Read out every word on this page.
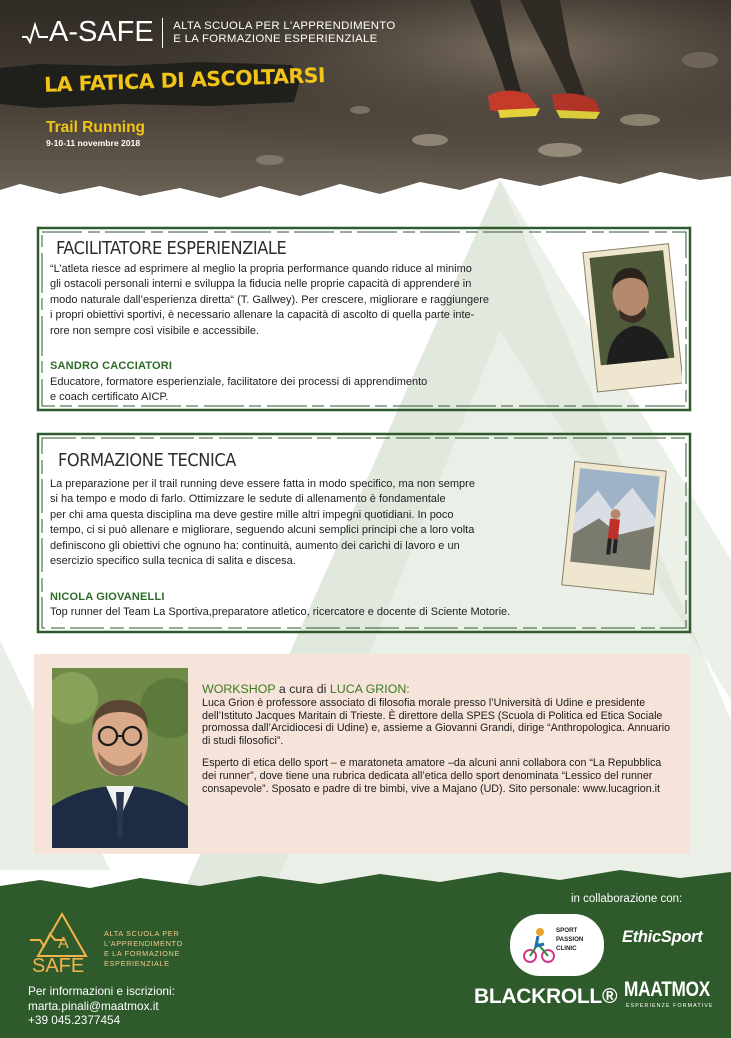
A-SAFE ALTA SCUOLA PER L'APPRENDIMENTO
E LA FORMAZIONE ESPERIENZIALE
LA FATICA DI ASCOLTARSI
Trail Running
9-10-11 novembre 2018
FACILITATORE ESPERIENZIALE
“L’atleta riesce ad esprimere al meglio la propria performance quando riduce al minimo
gli ostacoli personali interni e sviluppa la fiducia nelle proprie capacità di apprendere in
modo naturale dall’esperienza diretta“ (T. Gallwey). Per crescere, migliorare e raggiungere
i propri obiettivi sportivi, è necessario allenare la capacità di ascolto di quella parte inte-
rore non sempre così visibile e accessibile.
SANDRO CACCIATORI
Educatore, formatore esperienziale, facilitatore dei processi di apprendimento
e coach certificato AICP.
FORMAZIONE TECNICA
La preparazione per il trail running deve essere fatta in modo specifico, ma non sempre
si ha tempo e modo di farlo. Ottimizzare le sedute di allenamento è fondamentale
per chi ama questa disciplina ma deve gestire mille altri impegni quotidiani. In poco
tempo, ci si può allenare e migliorare, seguendo alcuni semplici principi che a loro volta
definiscono gli obiettivi che ognuno ha: continuità, aumento dei carichi di lavoro e un
esercizio specifico sulla tecnica di salita e discesa.
NICOLA GIOVANELLI
Top runner del Team La Sportiva,preparatore atletico, ricercatore e docente di Sciente Motorie.
WORKSHOP a cura di LUCA GRION:

Luca Grion è professore associato di filosofia morale presso l’Università di Udine e presidente dell’Istituto Jacques Maritain di Trieste. È direttore della SPES (Scuola di Politica ed Etica Sociale promossa dall’Arcidiocesi di Udine) e, assieme a Giovanni Grandi, dirige “Anthropologica. Annuario di studi filosofici”.

Esperto di etica dello sport – e maratoneta amatore –da alcuni anni collabora con “La Repubblica dei runner”, dove tiene una rubrica dedicata all’etica dello sport denominata “Lessico del runner consapevole”. Sposato e padre di tre bimbi, vive a Majano (UD). Sito personale: www.lucagrion.it

in collaborazione con:
A
SAFE
ALTA SCUOLA PER
L'APPRENDIMENTO
E LA FORMAZIONE
ESPERIENZIALE
Per informazioni e iscrizioni:
marta.pinali@maatmox.it
+39 045.2377454
SPORT
PASSION
CLINIC
EthicSport
BLACKROLL® MAATMOX
ESPERIENZE FORMATIVE
